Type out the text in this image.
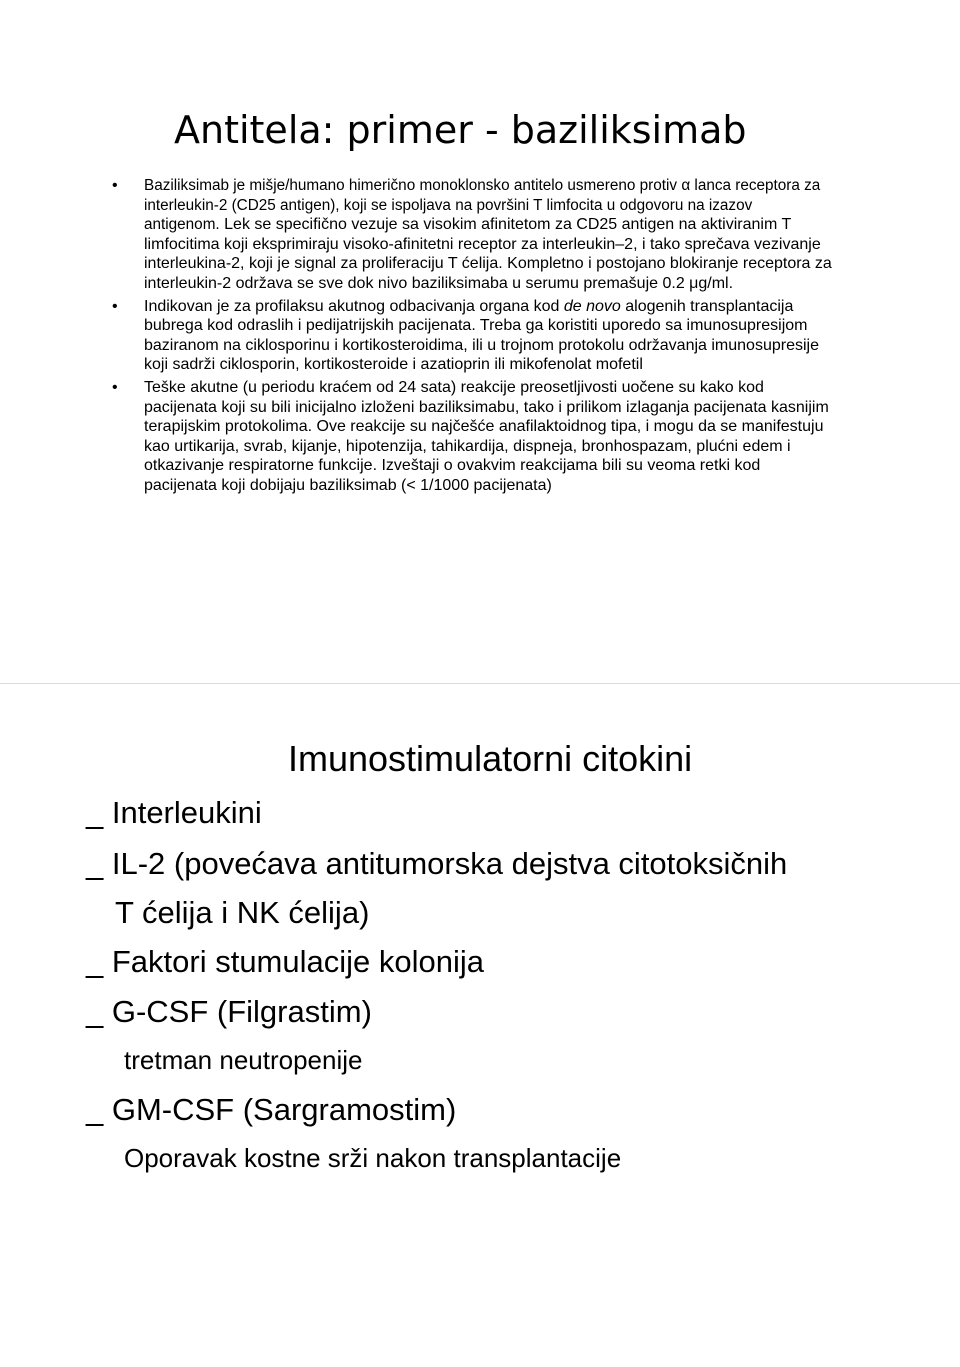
Antitela: primer - baziliksimab
• Baziliksimab je mišje/humano himerično monoklonsko antitelo usmereno protiv α lanca receptora za interleukin-2 (CD25 antigen), koji se ispoljava na površini T limfocita u odgovoru na izazov antigenom. Lek se specifično vezuje sa visokim afinitetom za CD25 antigen na aktiviranim T limfocitima koji eksprimiraju visoko-afinitetni receptor za interleukin–2, i tako sprečava vezivanje interleukina-2, koji je signal za proliferaciju T ćelija. Kompletno i postojano blokiranje receptora za interleukin-2 održava se sve dok nivo baziliksimaba u serumu premašuje 0.2 μg/ml.

• Indikovan je za profilaksu akutnog odbacivanja organa kod de novo alogenih transplantacija bubrega kod odraslih i pedijatrijskih pacijenata. Treba ga koristiti uporedo sa imunosupresijom baziranom na ciklosporinu i kortikosteroidima, ili u trojnom protokolu održavanja imunosupresije koji sadrži ciklosporin, kortikosteroide i azatioprin ili mikofenolat mofetil

• Teške akutne (u periodu kraćem od 24 sata) reakcije preosetljivosti uočene su kako kod pacijenata koji su bili inicijalno izloženi baziliksimabu, tako i prilikom izlaganja pacijenata kasnijim terapijskim protokolima. Ove reakcije su najčešće anafilaktoidnog tipa, i mogu da se manifestuju kao urtikarija, svrab, kijanje, hipotenzija, tahikardija, dispneja, bronhospazam, plućni edem i otkazivanje respiratorne funkcije. Izveštaji o ovakvim reakcijama bili su veoma retki kod pacijenata koji dobijaju baziliksimab (< 1/1000 pacijenata)

Imunostimulatorni citokini

_ Interleukini

_ IL-2 (povećava antitumorska dejstva citotoksičnih

T ćelija i NK ćelija)

_ Faktori stumulacije kolonija

_ G-CSF (Filgrastim)

tretman neutropenije

_ GM-CSF (Sargramostim)

Oporavak kostne srži nakon transplantacije
